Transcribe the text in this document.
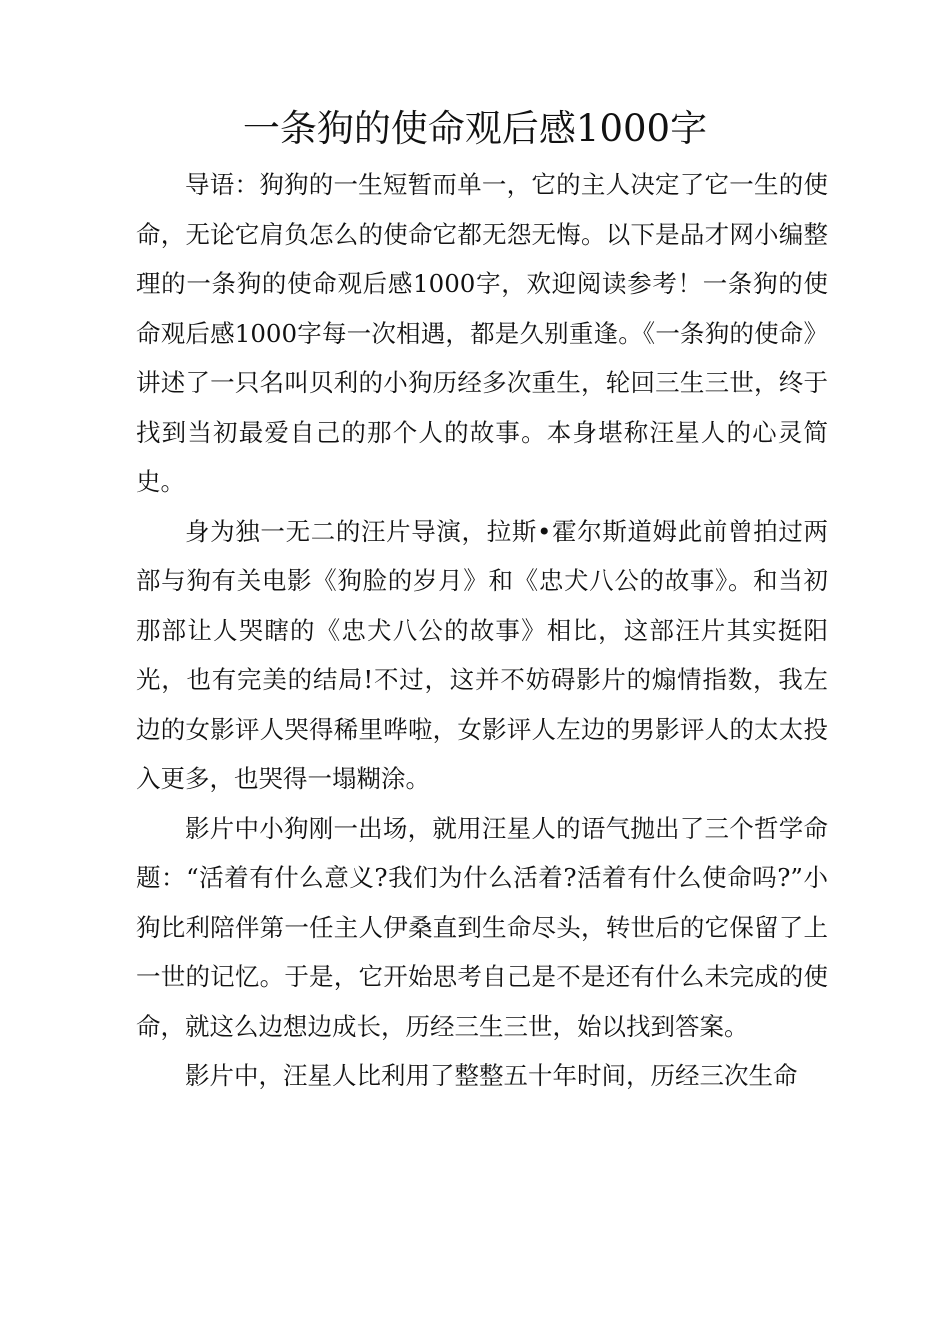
一条狗的使命观后感1000字

导语：狗狗的一生短暂而单一，它的主人决定了它一生的使命，无论它肩负怎么的使命它都无怨无悔。以下是品才网小编整理的一条狗的使命观后感1000字，欢迎阅读参考！一条狗的使命观后感1000字每一次相遇，都是久别重逢。《一条狗的使命》讲述了一只名叫贝利的小狗历经多次重生，轮回三生三世，终于找到当初最爱自己的那个人的故事。本身堪称汪星人的心灵简史。

身为独一无二的汪片导演，拉斯•霍尔斯道姆此前曾拍过两部与狗有关电影《狗脸的岁月》和《忠犬八公的故事》。和当初那部让人哭瞎的《忠犬八公的故事》相比，这部汪片其实挺阳光，也有完美的结局!不过，这并不妨碍影片的煽情指数，我左边的女影评人哭得稀里哗啦，女影评人左边的男影评人的太太投入更多，也哭得一塌糊涂。

影片中小狗刚一出场，就用汪星人的语气抛出了三个哲学命题：“活着有什么意义?我们为什么活着?活着有什么使命吗?”小狗比利陪伴第一任主人伊桑直到生命尽头，转世后的它保留了上一世的记忆。于是，它开始思考自己是不是还有什么未完成的使命，就这么边想边成长，历经三生三世，始以找到答案。

影片中，汪星人比利用了整整五十年时间，历经三次生命
